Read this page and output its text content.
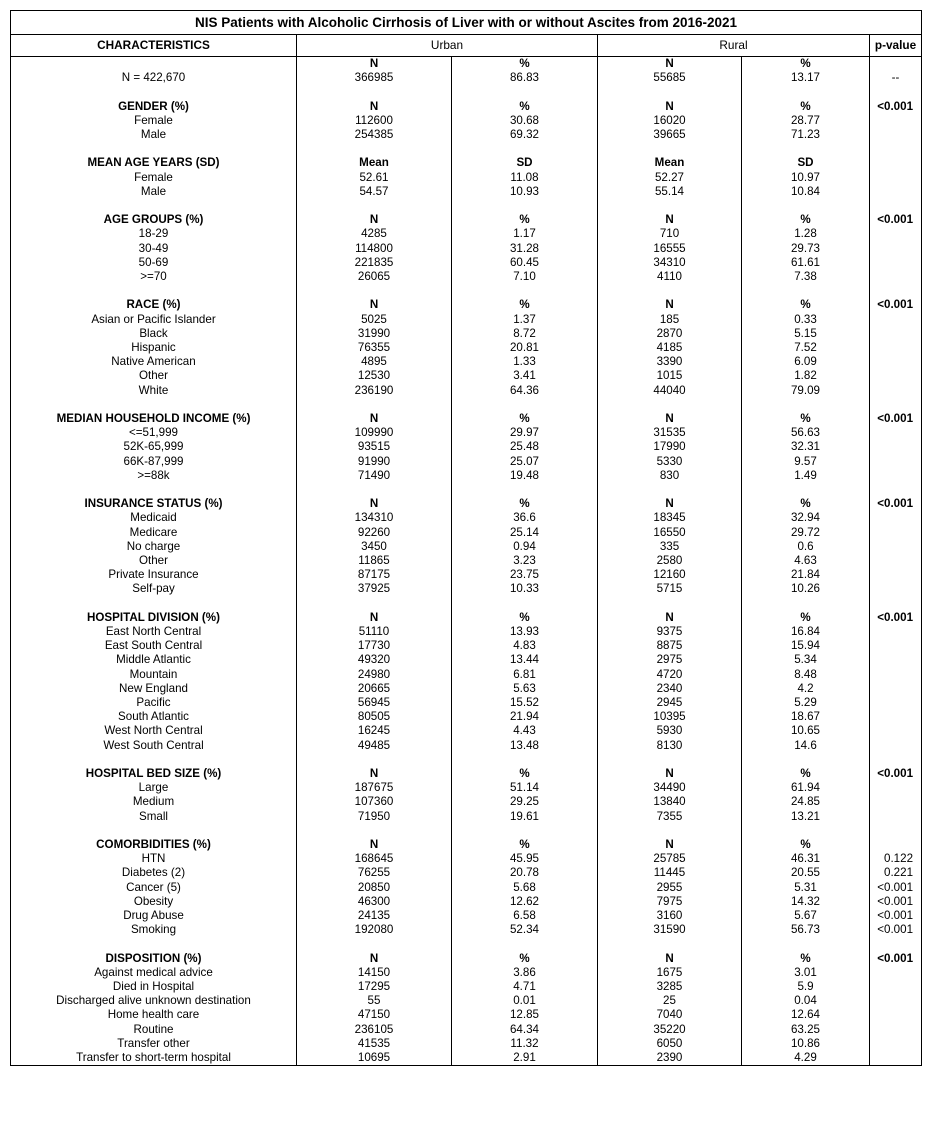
NIS Patients with Alcoholic Cirrhosis of Liver with or without Ascites from 2016-2021					
CHARACTERISTICS	Urban		Rural		p-value
	N	%	N	%	
N = 422,670	366985	86.83	55685	13.17	--

GENDER (%)	N	%	N	%	<0.001
Female	112600	30.68	16020	28.77	
Male	254385	69.32	39665	71.23	

MEAN AGE YEARS (SD)	Mean	SD	Mean	SD	
Female	52.61	11.08	52.27	10.97	
Male	54.57	10.93	55.14	10.84	

AGE GROUPS (%)	N	%	N	%	<0.001
18-29	4285	1.17	710	1.28	
30-49	114800	31.28	16555	29.73	
50-69	221835	60.45	34310	61.61	
>=70	26065	7.10	4110	7.38	

RACE (%)	N	%	N	%	<0.001
Asian or Pacific Islander	5025	1.37	185	0.33	
Black	31990	8.72	2870	5.15	
Hispanic	76355	20.81	4185	7.52	
Native American	4895	1.33	3390	6.09	
Other	12530	3.41	1015	1.82	
White	236190	64.36	44040	79.09	

MEDIAN HOUSEHOLD INCOME (%)	N	%	N	%	<0.001
<=51,999	109990	29.97	31535	56.63	
52K-65,999	93515	25.48	17990	32.31	
66K-87,999	91990	25.07	5330	9.57	
>=88k	71490	19.48	830	1.49	

INSURANCE STATUS (%)	N	%	N	%	<0.001
Medicaid	134310	36.6	18345	32.94	
Medicare	92260	25.14	16550	29.72	
No charge	3450	0.94	335	0.6	
Other	11865	3.23	2580	4.63	
Private Insurance	87175	23.75	12160	21.84	
Self-pay	37925	10.33	5715	10.26	

HOSPITAL DIVISION (%)	N	%	N	%	<0.001
East North Central	51110	13.93	9375	16.84	
East South Central	17730	4.83	8875	15.94	
Middle Atlantic	49320	13.44	2975	5.34	
Mountain	24980	6.81	4720	8.48	
New England	20665	5.63	2340	4.2	
Pacific	56945	15.52	2945	5.29	
South Atlantic	80505	21.94	10395	18.67	
West North Central	16245	4.43	5930	10.65	
West South Central	49485	13.48	8130	14.6	

HOSPITAL BED SIZE (%)	N	%	N	%	<0.001
Large	187675	51.14	34490	61.94	
Medium	107360	29.25	13840	24.85	
Small	71950	19.61	7355	13.21	

COMORBIDITIES (%)	N	%	N	%	
HTN	168645	45.95	25785	46.31	0.122
Diabetes (2)	76255	20.78	11445	20.55	0.221
Cancer (5)	20850	5.68	2955	5.31	<0.001
Obesity	46300	12.62	7975	14.32	<0.001
Drug Abuse	24135	6.58	3160	5.67	<0.001
Smoking	192080	52.34	31590	56.73	<0.001

DISPOSITION (%)	N	%	N	%	<0.001
Against medical advice	14150	3.86	1675	3.01	
Died in Hospital	17295	4.71	3285	5.9	
Discharged alive unknown destination	55	0.01	25	0.04	
Home health care	47150	12.85	7040	12.64	
Routine	236105	64.34	35220	63.25	
Transfer other	41535	11.32	6050	10.86	
Transfer to short-term hospital	10695	2.91	2390	4.29	
